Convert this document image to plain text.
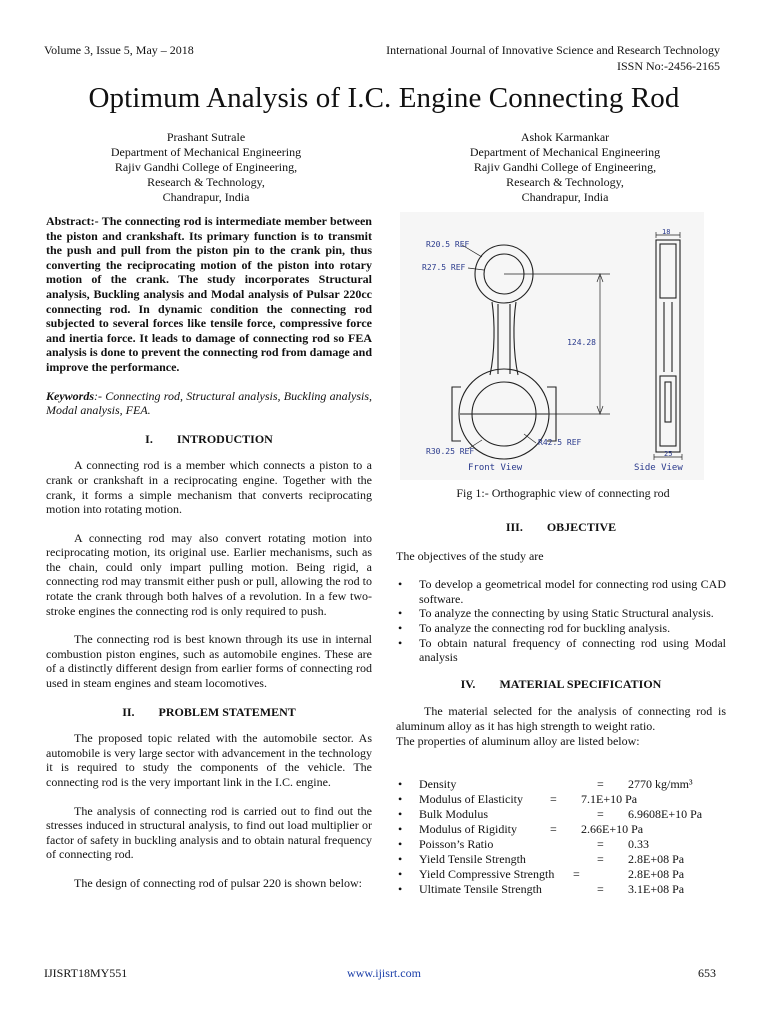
Volume 3, Issue 5, May – 2018	International Journal of Innovative Science and Research Technology
ISSN No:-2456-2165
Optimum Analysis of I.C. Engine Connecting Rod
Prashant Sutrale
Department of Mechanical Engineering
Rajiv Gandhi College of Engineering,
Research & Technology,
Chandrapur, India
Ashok Karmankar
Department of Mechanical Engineering
Rajiv Gandhi College of Engineering,
Research & Technology,
Chandrapur, India

Abstract:- The connecting rod is intermediate member between the piston and crankshaft. Its primary function is to transmit the push and pull from the piston pin to the crank pin, thus converting the reciprocating motion of the piston into rotary motion of the crank. The study incorporates Structural analysis, Buckling analysis and Modal analysis of Pulsar 220cc connecting rod. In dynamic condition the connecting rod subjected to several forces like tensile force, compressive force and inertia force. It leads to damage of connecting rod so FEA analysis is done to prevent the connecting rod from damage and improve the performance.

Keywords:- Connecting rod, Structural analysis, Buckling analysis, Modal analysis, FEA.

I. INTRODUCTION

A connecting rod is a member which connects a piston to a crank or crankshaft in a reciprocating engine. Together with the crank, it forms a simple mechanism that converts reciprocating motion into rotating motion.

A connecting rod may also convert rotating motion into reciprocating motion, its original use. Earlier mechanisms, such as the chain, could only impart pulling motion. Being rigid, a connecting rod may transmit either push or pull, allowing the rod to rotate the crank through both halves of a revolution. In a few two-stroke engines the connecting rod is only required to push.

The connecting rod is best known through its use in internal combustion piston engines, such as automobile engines. These are of a distinctly different design from earlier forms of connecting rod used in steam engines and steam locomotives.

II. PROBLEM STATEMENT

The proposed topic related with the automobile sector. As automobile is very large sector with advancement in the technology it is required to study the components of the vehicle. The connecting rod is the very important link in the I.C. engine.

The analysis of connecting rod is carried out to find out the stresses induced in structural analysis, to find out load multiplier or factor of safety in buckling analysis and to obtain natural frequency of connecting rod.

The design of connecting rod of pulsar 220 is shown below:

R20.5 REF
R27.5 REF
124.28
R30.25 REF
R42.5 REF
Front View	Side View
18
25
Fig 1:- Orthographic view of connecting rod
III. OBJECTIVE

The objectives of the study are

• To develop a geometrical model for connecting rod using CAD software.
• To analyze the connecting by using Static Structural analysis.
• To analyze the connecting rod for buckling analysis.
• To obtain natural frequency of connecting rod using Modal analysis
IV. MATERIAL SPECIFICATION

The material selected for the analysis of connecting rod is aluminum alloy as it has high strength to weight ratio.

The properties of aluminum alloy are listed below:

• Density	= 2770 kg/mm³
• Modulus of Elasticity = 7.1E+10 Pa
• Bulk Modulus	= 6.9608E+10 Pa
• Modulus of Rigidity	= 2.66E+10 Pa
• Poisson’s Ratio	= 0.33
• Yield Tensile Strength	= 2.8E+08 Pa
• Yield Compressive Strength =	2.8E+08 Pa
• Ultimate Tensile Strength	= 3.1E+08 Pa
IJISRT18MY551	www.ijisrt.com	653
